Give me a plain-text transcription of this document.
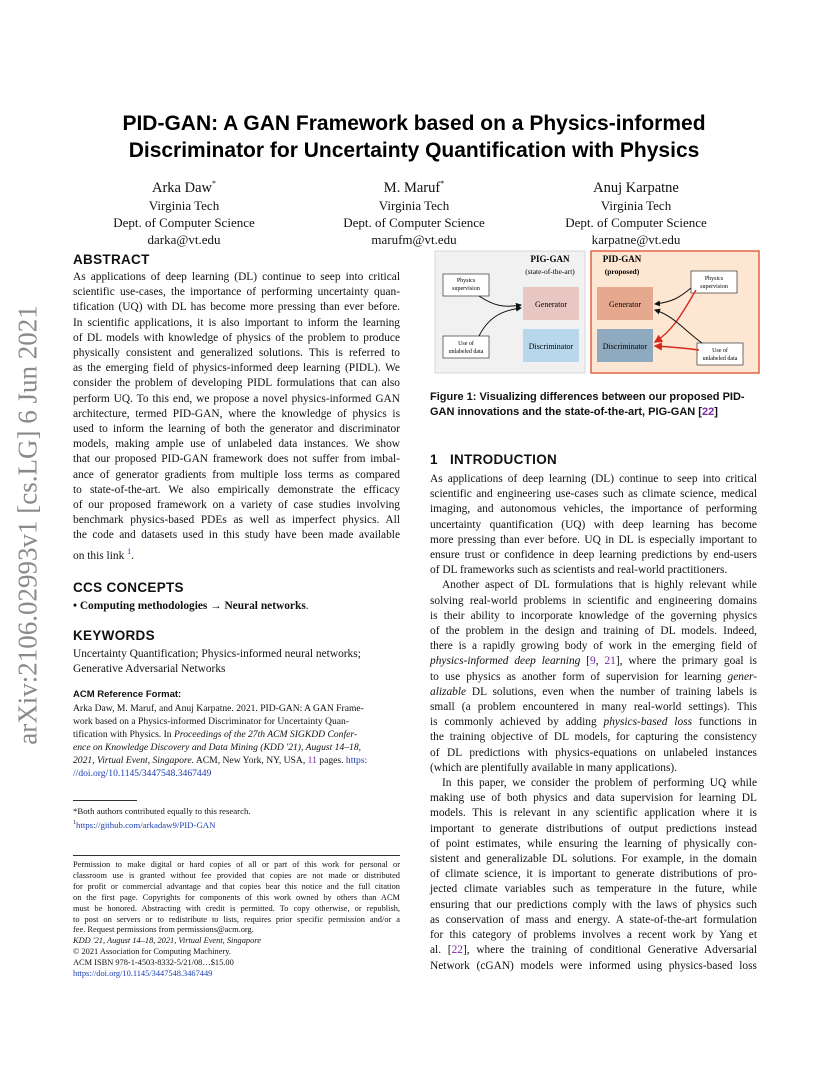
arXiv:2106.02993v1 [cs.LG] 6 Jun 2021
PID-GAN: A GAN Framework based on a Physics-informed
Discriminator for Uncertainty Quantification with Physics
Arka Daw*
Virginia Tech
Dept. of Computer Science
darka@vt.edu
M. Maruf*
Virginia Tech
Dept. of Computer Science
marufm@vt.edu
Anuj Karpatne
Virginia Tech
Dept. of Computer Science
karpatne@vt.edu
ABSTRACT

As applications of deep learning (DL) continue to seep into critical

scientific use-cases, the importance of performing uncertainty quan-

tification (UQ) with DL has become more pressing than ever before.

In scientific applications, it is also important to inform the learning

of DL models with knowledge of physics of the problem to produce

physically consistent and generalized solutions. This is referred to

as the emerging field of physics-informed deep learning (PIDL). We

consider the problem of developing PIDL formulations that can also

perform UQ. To this end, we propose a novel physics-informed GAN

architecture, termed PID-GAN, where the knowledge of physics is

used to inform the learning of both the generator and discriminator

models, making ample use of unlabeled data instances. We show

that our proposed PID-GAN framework does not suffer from imbal-

ance of generator gradients from multiple loss terms as compared

to state-of-the-art. We also empirically demonstrate the efficacy

of our proposed framework on a variety of case studies involving

benchmark physics-based PDEs as well as imperfect physics. All

the code and datasets used in this study have been made available

on this link $^1$.

CCS CONCEPTS

• Computing methodologies → Neural networks.

KEYWORDS

Uncertainty Quantification; Physics-informed neural networks;

Generative Adversarial Networks

ACM Reference Format:

Arka Daw, M. Maruf, and Anuj Karpatne. 2021. PID-GAN: A GAN Frame-

work based on a Physics-informed Discriminator for Uncertainty Quan-

tification with Physics. In Proceedings of the 27th ACM SIGKDD Confer-

ence on Knowledge Discovery and Data Mining (KDD '21), August 14–18,

2021, Virtual Event, Singapore. ACM, New York, NY, USA, 11 pages. https:

//doi.org/10.1145/3447548.3467449

*Both authors contributed equally to this research.

$^1$https://github.com/arkadaw9/PID-GAN

Permission to make digital or hard copies of all or part of this work for personal or

classroom use is granted without fee provided that copies are not made or distributed

for profit or commercial advantage and that copies bear this notice and the full citation

on the first page. Copyrights for components of this work owned by others than ACM

must be honored. Abstracting with credit is permitted. To copy otherwise, or republish,

to post on servers or to redistribute to lists, requires prior specific permission and/or a

fee. Request permissions from permissions@acm.org.

KDD '21, August 14–18, 2021, Virtual Event, Singapore

© 2021 Association for Computing Machinery.

ACM ISBN 978-1-4503-8332-5/21/08…$15.00

https://doi.org/10.1145/3447548.3467449

PIG-GAN
(state-of-the-art)
Physics
supervision
Use of
unlabeled data
Generator
Discriminator
PID-GAN
(proposed)
Generator
Discriminator
Physics
supervision
Use of
unlabeled data
Figure 1: Visualizing differences between our proposed PID-
GAN innovations and the state-of-the-art, PIG-GAN [22]
1 INTRODUCTION

As applications of deep learning (DL) continue to seep into critical

scientific and engineering use-cases such as climate science, medical

imaging, and autonomous vehicles, the importance of performing

uncertainty quantification (UQ) with deep learning has become

more pressing than ever before. UQ in DL is especially important to

ensure trust or confidence in deep learning predictions by end-users

of DL frameworks such as scientists and real-world practitioners.

Another aspect of DL formulations that is highly relevant while

solving real-world problems in scientific and engineering domains

is their ability to incorporate knowledge of the governing physics

of the problem in the design and training of DL models. Indeed,

there is a rapidly growing body of work in the emerging field of

physics-informed deep learning [9, 21], where the primary goal is

to use physics as another form of supervision for learning gener-

alizable DL solutions, even when the number of training labels is

small (a problem encountered in many real-world settings). This

is commonly achieved by adding physics-based loss functions in

the training objective of DL models, for capturing the consistency

of DL predictions with physics-equations on unlabeled instances

(which are plentifully available in many applications).

In this paper, we consider the problem of performing UQ while

making use of both physics and data supervision for learning DL

models. This is relevant in any scientific application where it is

important to generate distributions of output predictions instead

of point estimates, while ensuring the learning of physically con-

sistent and generalizable DL solutions. For example, in the domain

of climate science, it is important to generate distributions of pro-

jected climate variables such as temperature in the future, while

ensuring that our predictions comply with the laws of physics such

as conservation of mass and energy. A state-of-the-art formulation

for this category of problems involves a recent work by Yang et

al. [22], where the training of conditional Generative Adversarial

Network (cGAN) models were informed using physics-based loss
